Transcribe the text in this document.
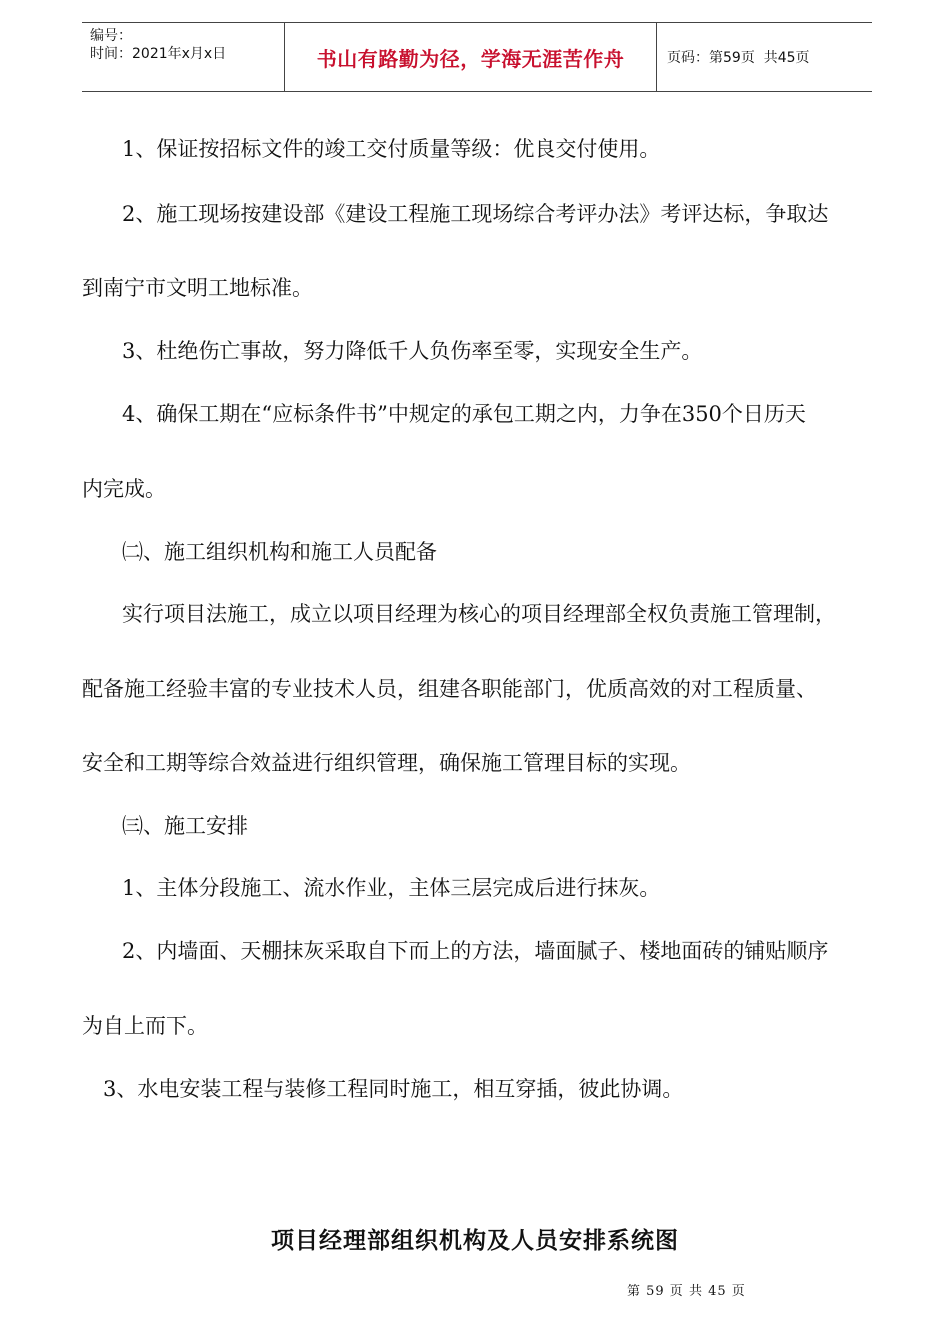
编号：
时间：2021年x月x日	书山有路勤为径，学海无涯苦作舟	页码：第59页  共45页
1、保证按招标文件的竣工交付质量等级：优良交付使用。
2、施工现场按建设部《建设工程施工现场综合考评办法》考评达标，争取达
到南宁市文明工地标准。
3、杜绝伤亡事故，努力降低千人负伤率至零，实现安全生产。
4、确保工期在“应标条件书”中规定的承包工期之内，力争在350个日历天
内完成。
㈡、施工组织机构和施工人员配备
实行项目法施工，成立以项目经理为核心的项目经理部全权负责施工管理制，
配备施工经验丰富的专业技术人员，组建各职能部门，优质高效的对工程质量、
安全和工期等综合效益进行组织管理，确保施工管理目标的实现。
㈢、施工安排
1、主体分段施工、流水作业，主体三层完成后进行抹灰。
2、内墙面、天棚抹灰采取自下而上的方法，墙面腻子、楼地面砖的铺贴顺序
为自上而下。
3、水电安装工程与装修工程同时施工，相互穿插，彼此协调。
项目经理部组织机构及人员安排系统图
第 59 页 共 45 页
